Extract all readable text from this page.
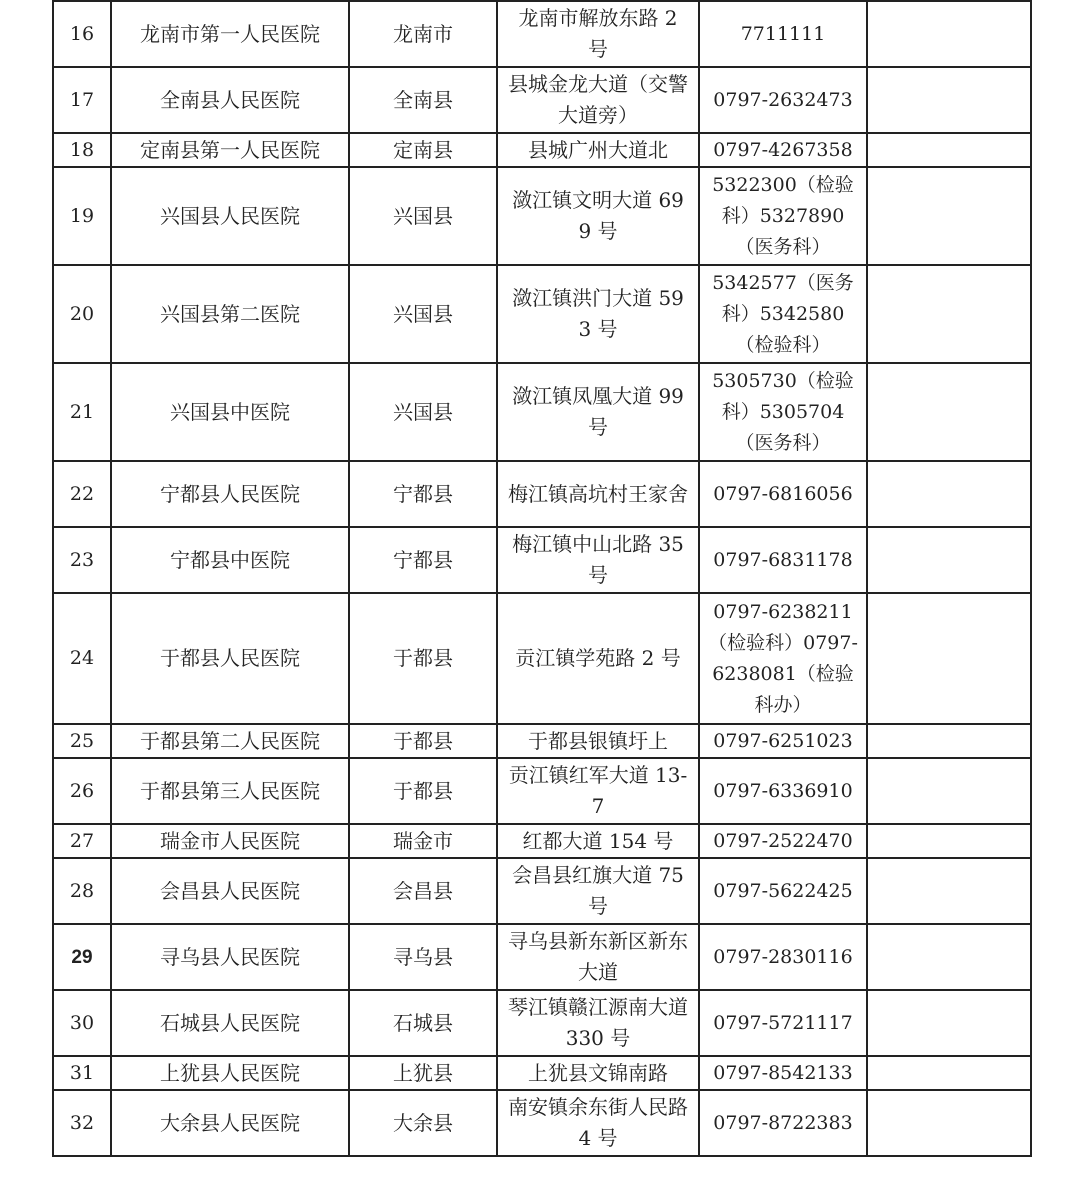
16	龙南市第一人民医院	龙南市	龙南市解放东路 2 号	7711111	
17	全南县人民医院	全南县	县城金龙大道（交警大道旁）	0797-2632473	
18	定南县第一人民医院	定南县	县城广州大道北	0797-4267358	
19	兴国县人民医院	兴国县	潋江镇文明大道 699 号	5322300（检验科）5327890（医务科）	
20	兴国县第二医院	兴国县	潋江镇洪门大道 593 号	5342577（医务科）5342580（检验科）	
21	兴国县中医院	兴国县	潋江镇凤凰大道 99 号	5305730（检验科）5305704（医务科）	
22	宁都县人民医院	宁都县	梅江镇高坑村王家舍	0797-6816056	
23	宁都县中医院	宁都县	梅江镇中山北路 35 号	0797-6831178	
24	于都县人民医院	于都县	贡江镇学苑路 2 号	0797-6238211（检验科）0797-6238081（检验科办）	
25	于都县第二人民医院	于都县	于都县银镇圩上	0797-6251023	
26	于都县第三人民医院	于都县	贡江镇红军大道 13-7	0797-6336910	
27	瑞金市人民医院	瑞金市	红都大道 154 号	0797-2522470	
28	会昌县人民医院	会昌县	会昌县红旗大道 75 号	0797-5622425	
29	寻乌县人民医院	寻乌县	寻乌县新东新区新东大道	0797-2830116	
30	石城县人民医院	石城县	琴江镇赣江源南大道 330 号	0797-5721117	
31	上犹县人民医院	上犹县	上犹县文锦南路	0797-8542133	
32	大余县人民医院	大余县	南安镇余东街人民路 4 号	0797-8722383	
